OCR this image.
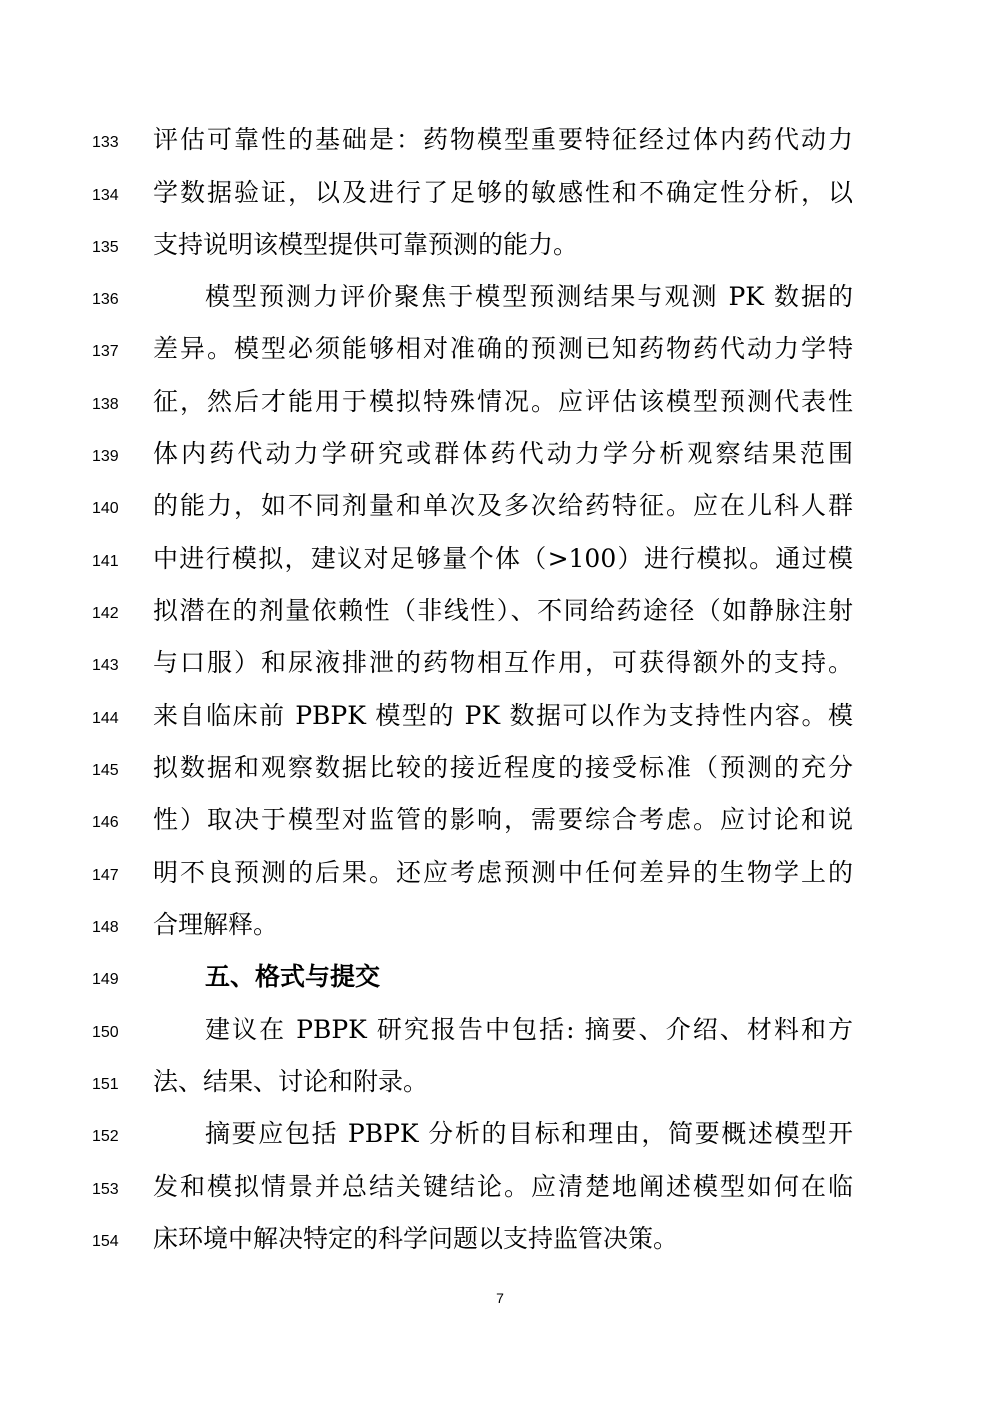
133 评估可靠性的基础是：药物模型重要特征经过体内药代动力
134 学数据验证，以及进行了足够的敏感性和不确定性分析，以
135 支持说明该模型提供可靠预测的能力。
136	模型预测力评价聚焦于模型预测结果与观测 PK 数据的
137 差异。模型必须能够相对准确的预测已知药物药代动力学特
138 征，然后才能用于模拟特殊情况。应评估该模型预测代表性
139 体内药代动力学研究或群体药代动力学分析观察结果范围
140 的能力，如不同剂量和单次及多次给药特征。应在儿科人群
141 中进行模拟，建议对足够量个体（>100）进行模拟。通过模
142 拟潜在的剂量依赖性（非线性）、不同给药途径（如静脉注射
143 与口服）和尿液排泄的药物相互作用，可获得额外的支持。
144 来自临床前 PBPK 模型的 PK 数据可以作为支持性内容。模
145 拟数据和观察数据比较的接近程度的接受标准（预测的充分
146 性）取决于模型对监管的影响，需要综合考虑。应讨论和说
147 明不良预测的后果。还应考虑预测中任何差异的生物学上的
148 合理解释。
149	五、格式与提交
150	建议在 PBPK 研究报告中包括: 摘要、介绍、材料和方
151 法、结果、讨论和附录。
152	摘要应包括 PBPK 分析的目标和理由，简要概述模型开
153 发和模拟情景并总结关键结论。应清楚地阐述模型如何在临
154 床环境中解决特定的科学问题以支持监管决策。
7
